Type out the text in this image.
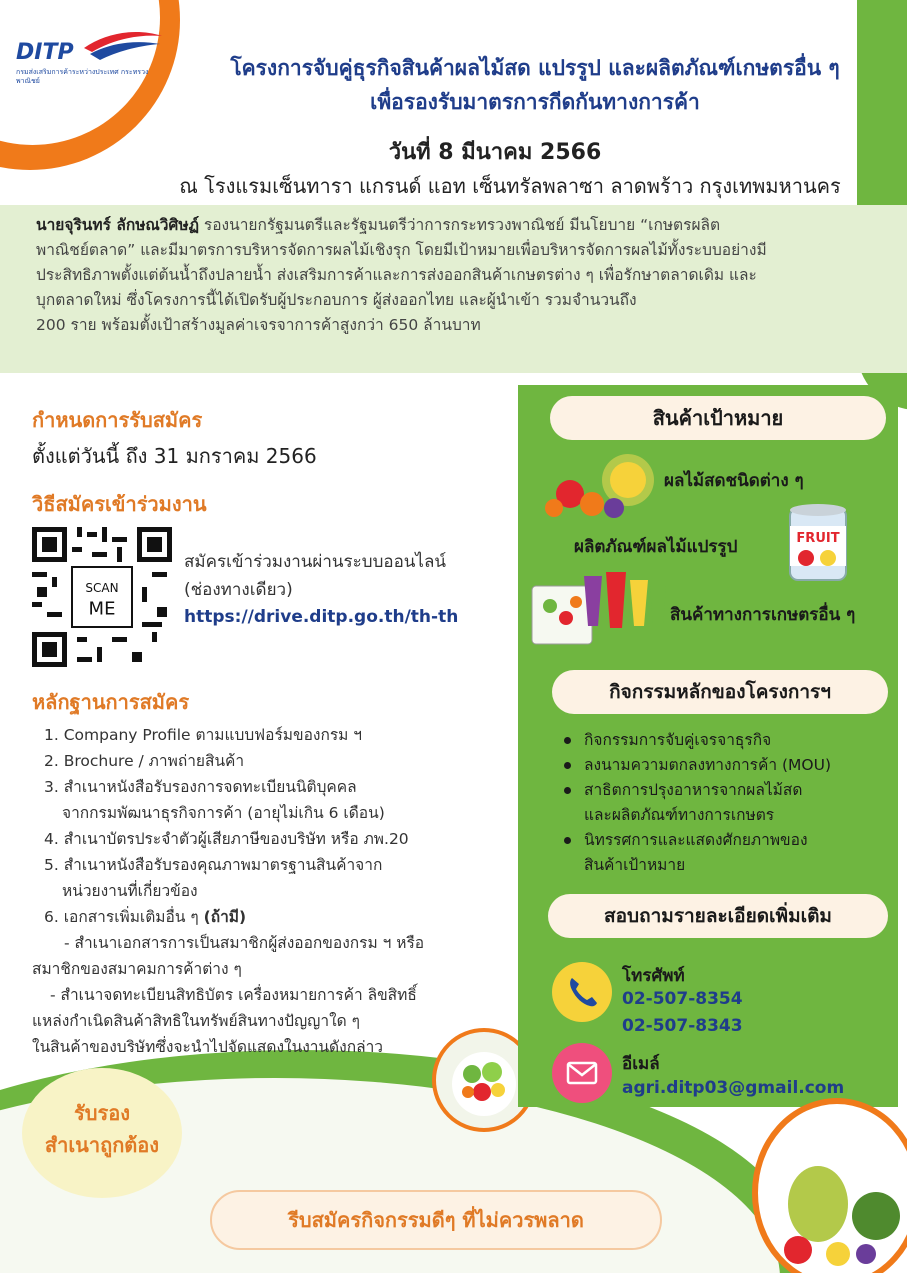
DITP
กรมส่งเสริมการค้าระหว่างประเทศ กระทรวงพาณิชย์
โครงการจับคู่ธุรกิจสินค้าผลไม้สด แปรรูป และผลิตภัณฑ์เกษตรอื่น ๆ
เพื่อรองรับมาตรการกีดกันทางการค้า
วันที่ 8 มีนาคม 2566
ณ โรงแรมเซ็นทารา แกรนด์ แอท เซ็นทรัลพลาซา ลาดพร้าว กรุงเทพมหานคร
นายจุรินทร์ ลักษณวิศิษฏ์ รองนายกรัฐมนตรีและรัฐมนตรีว่าการกระทรวงพาณิชย์ มีนโยบาย “เกษตรผลิต
พาณิชย์ตลาด” และมีมาตรการบริหารจัดการผลไม้เชิงรุก โดยมีเป้าหมายเพื่อบริหารจัดการผลไม้ทั้งระบบอย่างมี
ประสิทธิภาพตั้งแต่ต้นน้ำถึงปลายน้ำ ส่งเสริมการค้าและการส่งออกสินค้าเกษตรต่าง ๆ เพื่อรักษาตลาดเดิม และ
บุกตลาดใหม่ ซึ่งโครงการนี้ได้เปิดรับผู้ประกอบการ ผู้ส่งออกไทย และผู้นำเข้า รวมจำนวนถึง
200 ราย พร้อมตั้งเป้าสร้างมูลค่าเจรจาการค้าสูงกว่า 650 ล้านบาท
กำหนดการรับสมัคร
ตั้งแต่วันนี้ ถึง 31 มกราคม 2566
วิธีสมัครเข้าร่วมงาน
SCAN
ME
สมัครเข้าร่วมงานผ่านระบบออนไลน์
(ช่องทางเดียว)
https://drive.ditp.go.th/th-th
หลักฐานการสมัคร
1. Company Profile ตามแบบฟอร์มของกรม ฯ
2. Brochure / ภาพถ่ายสินค้า
3. สำเนาหนังสือรับรองการจดทะเบียนนิติบุคคล
จากกรมพัฒนาธุรกิจการค้า (อายุไม่เกิน 6 เดือน)
4. สำเนาบัตรประจำตัวผู้เสียภาษีของบริษัท หรือ ภพ.20
5. สำเนาหนังสือรับรองคุณภาพมาตรฐานสินค้าจาก
หน่วยงานที่เกี่ยวข้อง
6. เอกสารเพิ่มเติมอื่น ๆ (ถ้ามี)
- สำเนาเอกสารการเป็นสมาชิกผู้ส่งออกของกรม ฯ หรือ
สมาชิกของสมาคมการค้าต่าง ๆ
- สำเนาจดทะเบียนสิทธิบัตร เครื่องหมายการค้า ลิขสิทธิ์
แหล่งกำเนิดสินค้าสิทธิในทรัพย์สินทางปัญญาใด ๆ
ในสินค้าของบริษัทซึ่งจะนำไปจัดแสดงในงานดังกล่าว
รับรอง
สำเนาถูกต้อง
สินค้าเป้าหมาย
ผลไม้สดชนิดต่าง ๆ
ผลิตภัณฑ์ผลไม้แปรรูป	FRUIT
สินค้าทางการเกษตรอื่น ๆ
กิจกรรมหลักของโครงการฯ
กิจกรรมการจับคู่เจรจาธุรกิจ
ลงนามความตกลงทางการค้า (MOU)
สาธิตการปรุงอาหารจากผลไม้สด
และผลิตภัณฑ์ทางการเกษตร
นิทรรศการและแสดงศักยภาพของ
สินค้าเป้าหมาย
สอบถามรายละเอียดเพิ่มเติม
โทรศัพท์
02-507-8354
02-507-8343
อีเมล์
agri.ditp03@gmail.com
รีบสมัครกิจกรรมดีๆ ที่ไม่ควรพลาด
